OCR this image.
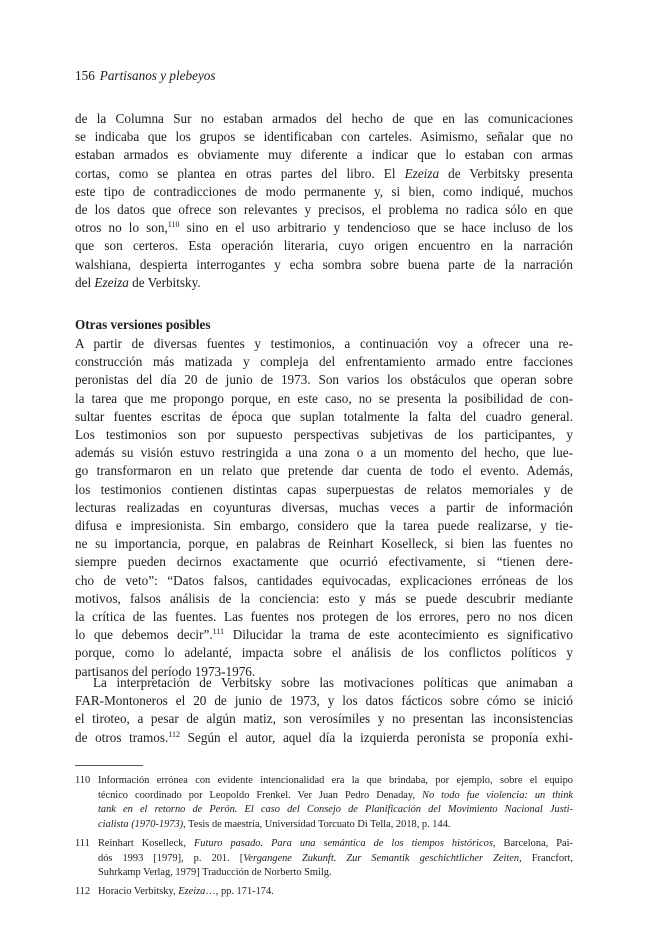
156 Partisanos y plebeyos

de la Columna Sur no estaban armados del hecho de que en las comunicaciones

se indicaba que los grupos se identificaban con carteles. Asimismo, señalar que no

estaban armados es obviamente muy diferente a indicar que lo estaban con armas

cortas, como se plantea en otras partes del libro. El Ezeiza de Verbitsky presenta

este tipo de contradicciones de modo permanente y, si bien, como indiqué, muchos

de los datos que ofrece son relevantes y precisos, el problema no radica sólo en que

otros no lo son,$^{110}$ sino en el uso arbitrario y tendencioso que se hace incluso de los

que son certeros. Esta operación literaria, cuyo origen encuentro en la narración

walshiana, despierta interrogantes y echa sombra sobre buena parte de la narración

del Ezeiza de Verbitsky.

Otras versiones posibles

A partir de diversas fuentes y testimonios, a continuación voy a ofrecer una re-

construcción más matizada y compleja del enfrentamiento armado entre facciones

peronistas del día 20 de junio de 1973. Son varios los obstáculos que operan sobre

la tarea que me propongo porque, en este caso, no se presenta la posibilidad de con-

sultar fuentes escritas de época que suplan totalmente la falta del cuadro general.

Los testimonios son por supuesto perspectivas subjetivas de los participantes, y

además su visión estuvo restringida a una zona o a un momento del hecho, que lue-

go transformaron en un relato que pretende dar cuenta de todo el evento. Además,

los testimonios contienen distintas capas superpuestas de relatos memoriales y de

lecturas realizadas en coyunturas diversas, muchas veces a partir de información

difusa e impresionista. Sin embargo, considero que la tarea puede realizarse, y tie-

ne su importancia, porque, en palabras de Reinhart Koselleck, si bien las fuentes no

siempre pueden decirnos exactamente que ocurrió efectivamente, si “tienen dere-

cho de veto”: “Datos falsos, cantidades equivocadas, explicaciones erróneas de los

motivos, falsos análisis de la conciencia: esto y más se puede descubrir mediante

la crítica de las fuentes. Las fuentes nos protegen de los errores, pero no nos dicen

lo que debemos decir”.$^{111}$ Dilucidar la trama de este acontecimiento es significativo

porque, como lo adelanté, impacta sobre el análisis de los conflictos políticos y

partisanos del período 1973-1976.

La interpretación de Verbitsky sobre las motivaciones políticas que animaban a

FAR-Montoneros el 20 de junio de 1973, y los datos fácticos sobre cómo se inició

el tiroteo, a pesar de algún matiz, son verosímiles y no presentan las inconsistencias

de otros tramos.$^{112}$ Según el autor, aquel día la izquierda peronista se proponía exhi-

110 Información errónea con evidente intencionalidad era la que brindaba, por ejemplo, sobre el equipo
técnico coordinado por Leopoldo Frenkel. Ver Juan Pedro Denaday, No todo fue violencia: un think
tank en el retorno de Perón. El caso del Consejo de Planificación del Movimiento Nacional Justi-
cialista (1970-1973), Tesis de maestría, Universidad Torcuato Di Tella, 2018, p. 144.
111 Reinhart Koselleck, Futuro pasado. Para una semántica de los tiempos históricos, Barcelona, Pai-
dós 1993 [1979], p. 201. [Vergangene Zukunft. Zur Semantik geschichtlicher Zeiten, Francfort,
Suhrkamp Verlag, 1979] Traducción de Norberto Smilg.
112 Horacio Verbitsky, Ezeiza…, pp. 171-174.
